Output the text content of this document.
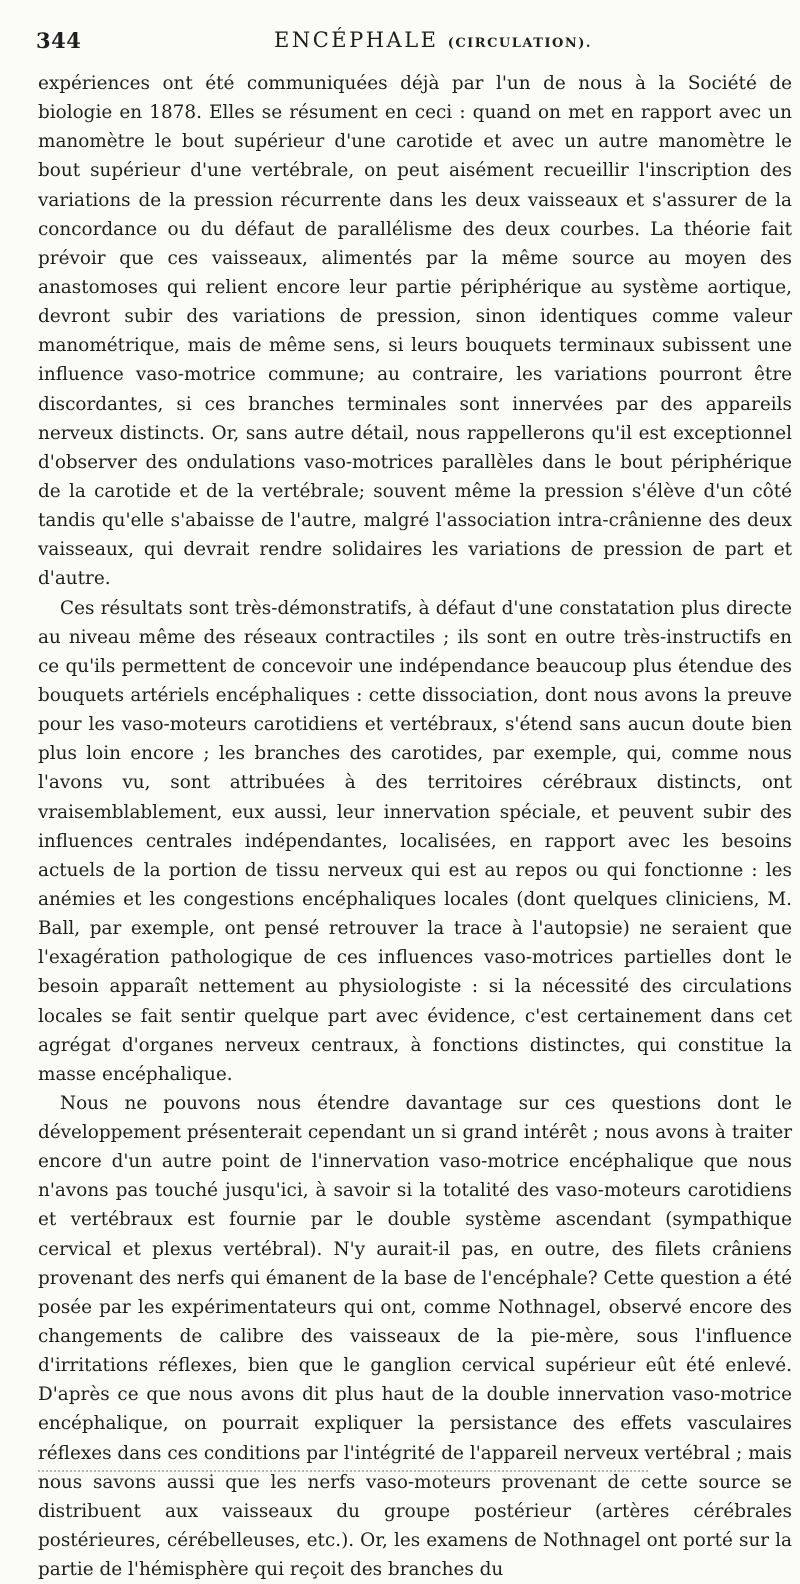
344	ENCÉPHALE (CIRCULATION).

expériences ont été communiquées déjà par l'un de nous à la Société de biologie en 1878. Elles se résument en ceci : quand on met en rapport avec un manomètre le bout supérieur d'une carotide et avec un autre manomètre le bout supérieur d'une vertébrale, on peut aisément recueillir l'inscription des variations de la pression récurrente dans les deux vaisseaux et s'assurer de la concordance ou du défaut de parallélisme des deux courbes. La théorie fait prévoir que ces vaisseaux, alimentés par la même source au moyen des anastomoses qui relient encore leur partie périphérique au système aortique, devront subir des variations de pression, sinon identiques comme valeur manométrique, mais de même sens, si leurs bouquets terminaux subissent une influence vaso-motrice commune; au contraire, les variations pourront être discordantes, si ces branches terminales sont innervées par des appareils nerveux distincts. Or, sans autre détail, nous rappellerons qu'il est exceptionnel d'observer des ondulations vaso-motrices parallèles dans le bout périphérique de la carotide et de la vertébrale; souvent même la pression s'élève d'un côté tandis qu'elle s'abaisse de l'autre, malgré l'association intra-crânienne des deux vaisseaux, qui devrait rendre solidaires les variations de pression de part et d'autre.

Ces résultats sont très-démonstratifs, à défaut d'une constatation plus directe au niveau même des réseaux contractiles ; ils sont en outre très-instructifs en ce qu'ils permettent de concevoir une indépendance beaucoup plus étendue des bouquets artériels encéphaliques : cette dissociation, dont nous avons la preuve pour les vaso-moteurs carotidiens et vertébraux, s'étend sans aucun doute bien plus loin encore ; les branches des carotides, par exemple, qui, comme nous l'avons vu, sont attribuées à des territoires cérébraux distincts, ont vraisemblablement, eux aussi, leur innervation spéciale, et peuvent subir des influences centrales indépendantes, localisées, en rapport avec les besoins actuels de la portion de tissu nerveux qui est au repos ou qui fonctionne : les anémies et les congestions encéphaliques locales (dont quelques cliniciens, M. Ball, par exemple, ont pensé retrouver la trace à l'autopsie) ne seraient que l'exagération pathologique de ces influences vaso-motrices partielles dont le besoin apparaît nettement au physiologiste : si la nécessité des circulations locales se fait sentir quelque part avec évidence, c'est certainement dans cet agrégat d'organes nerveux centraux, à fonctions distinctes, qui constitue la masse encéphalique.

Nous ne pouvons nous étendre davantage sur ces questions dont le développement présenterait cependant un si grand intérêt ; nous avons à traiter encore d'un autre point de l'innervation vaso-motrice encéphalique que nous n'avons pas touché jusqu'ici, à savoir si la totalité des vaso-moteurs carotidiens et vertébraux est fournie par le double système ascendant (sympathique cervical et plexus vertébral). N'y aurait-il pas, en outre, des filets crâniens provenant des nerfs qui émanent de la base de l'encéphale? Cette question a été posée par les expérimentateurs qui ont, comme Nothnagel, observé encore des changements de calibre des vaisseaux de la pie-mère, sous l'influence d'irritations réflexes, bien que le ganglion cervical supérieur eût été enlevé. D'après ce que nous avons dit plus haut de la double innervation vaso-motrice encéphalique, on pourrait expliquer la persistance des effets vasculaires réflexes dans ces conditions par l'intégrité de l'appareil nerveux vertébral ; mais nous savons aussi que les nerfs vaso-moteurs provenant de cette source se distribuent aux vaisseaux du groupe postérieur (artères cérébrales postérieures, cérébelleuses, etc.). Or, les examens de Nothnagel ont porté sur la partie de l'hémisphère qui reçoit des branches du
